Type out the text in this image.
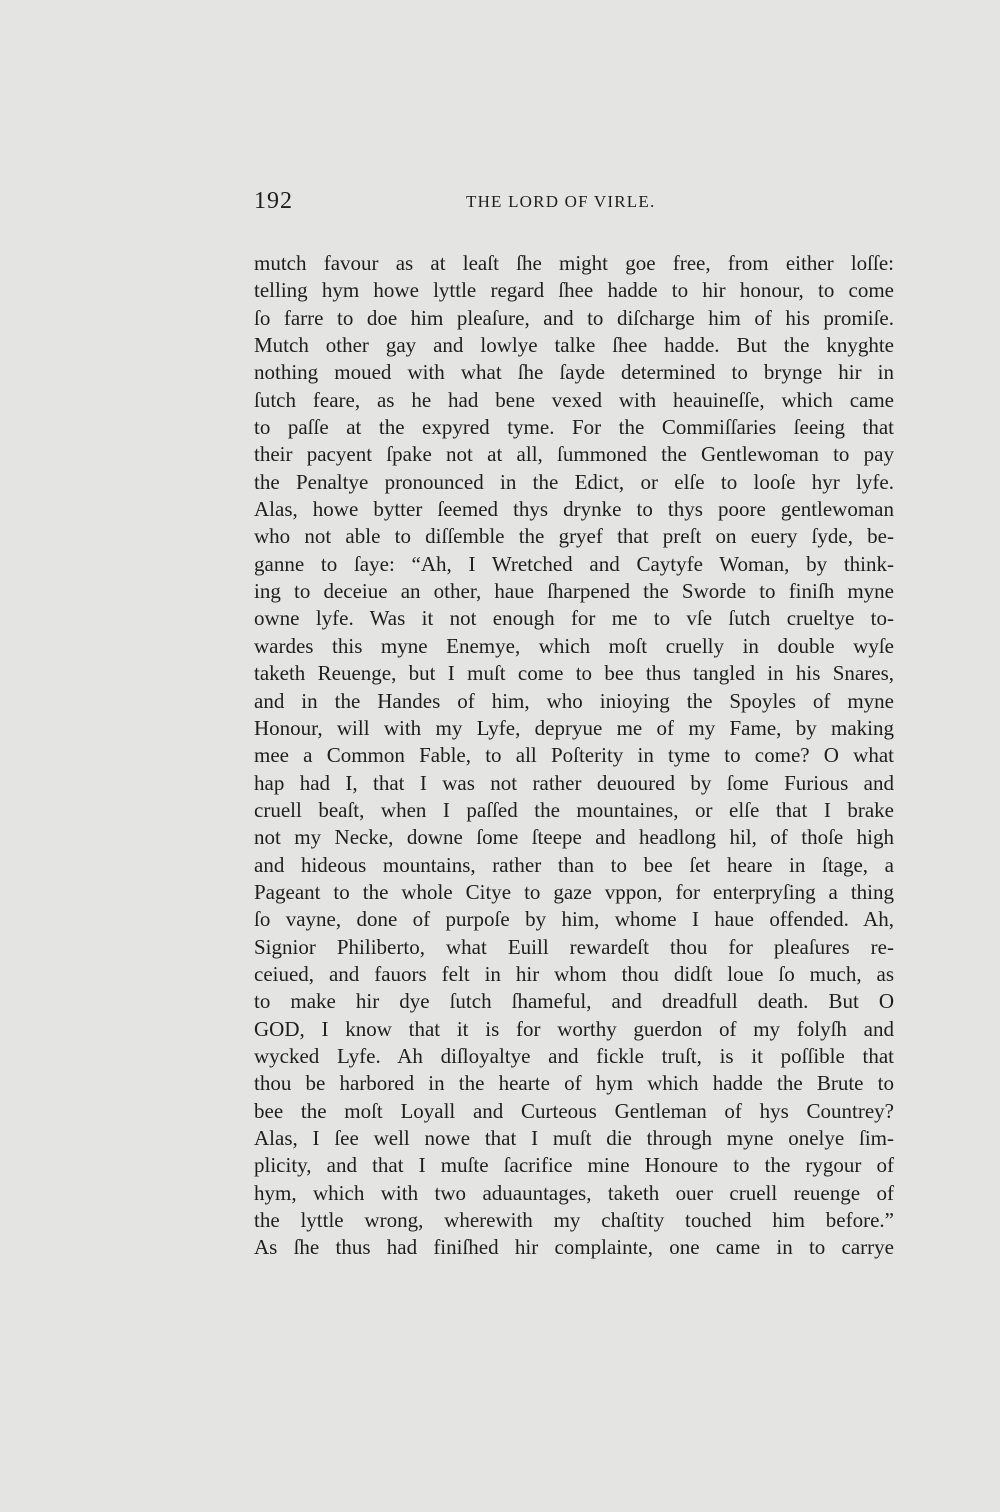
192	THE LORD OF VIRLE.
mutch favour as at leaſt ſhe might goe free, from either loſſe:
telling hym howe lyttle regard ſhee hadde to hir honour, to come
ſo farre to doe him pleaſure, and to diſcharge him of his promiſe.
Mutch other gay and lowlye talke ſhee hadde. But the knyghte
nothing moued with what ſhe ſayde determined to brynge hir in
ſutch feare, as he had bene vexed with heauineſſe, which came
to paſſe at the expyred tyme. For the Commiſſaries ſeeing that
their pacyent ſpake not at all, ſummoned the Gentlewoman to pay
the Penaltye pronounced in the Edict, or elſe to looſe hyr lyfe.
Alas, howe bytter ſeemed thys drynke to thys poore gentlewoman
who not able to diſſemble the gryef that preſt on euery ſyde, be-
ganne to ſaye: “Ah, I Wretched and Caytyfe Woman, by think-
ing to deceiue an other, haue ſharpened the Sworde to finiſh myne
owne lyfe. Was it not enough for me to vſe ſutch crueltye to-
wardes this myne Enemye, which moſt cruelly in double wyſe
taketh Reuenge, but I muſt come to bee thus tangled in his Snares,
and in the Handes of him, who inioying the Spoyles of myne
Honour, will with my Lyfe, depryue me of my Fame, by making
mee a Common Fable, to all Poſterity in tyme to come? O what
hap had I, that I was not rather deuoured by ſome Furious and
cruell beaſt, when I paſſed the mountaines, or elſe that I brake
not my Necke, downe ſome ſteepe and headlong hil, of thoſe high
and hideous mountains, rather than to bee ſet heare in ſtage, a
Pageant to the whole Citye to gaze vppon, for enterpryſing a thing
ſo vayne, done of purpoſe by him, whome I haue offended. Ah,
Signior Philiberto, what Euill rewardeſt thou for pleaſures re-
ceiued, and fauors felt in hir whom thou didſt loue ſo much, as
to make hir dye ſutch ſhameful, and dreadfull death. But O
GOD, I know that it is for worthy guerdon of my folyſh and
wycked Lyfe. Ah diſloyaltye and fickle truſt, is it poſſible that
thou be harbored in the hearte of hym which hadde the Brute to
bee the moſt Loyall and Curteous Gentleman of hys Countrey?
Alas, I ſee well nowe that I muſt die through myne onelye ſim-
plicity, and that I muſte ſacrifice mine Honoure to the rygour of
hym, which with two aduauntages, taketh ouer cruell reuenge of
the lyttle wrong, wherewith my chaſtity touched him before.”
As ſhe thus had finiſhed hir complainte, one came in to carrye
